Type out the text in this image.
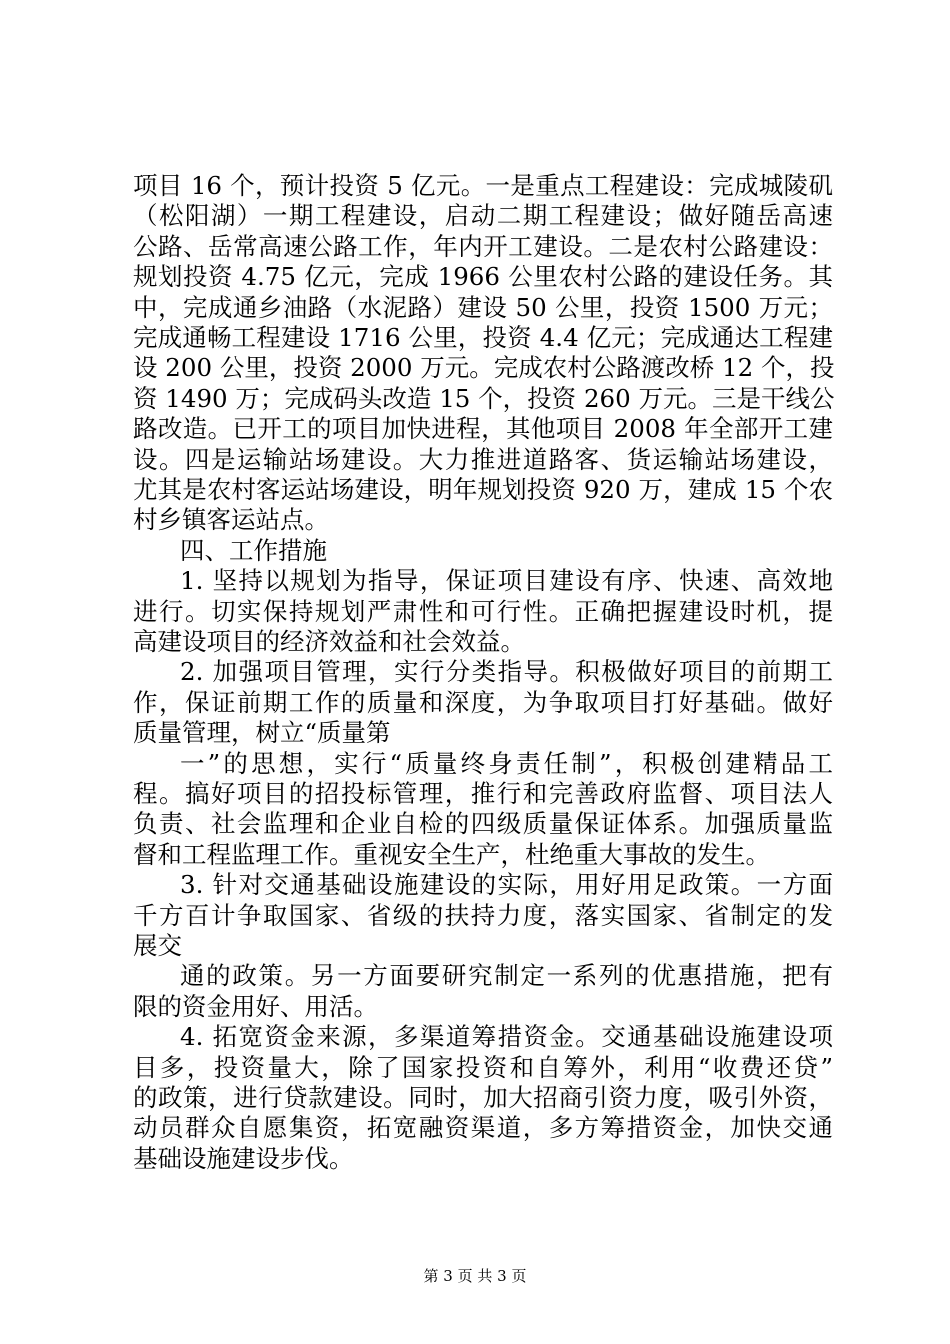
项目 16 个，预计投资 5 亿元。一是重点工程建设：完成城陵矶
（松阳湖）一期工程建设，启动二期工程建设；做好随岳高速
公路、岳常高速公路工作，年内开工建设。二是农村公路建设：
规划投资 4.75 亿元，完成 1966 公里农村公路的建设任务。其
中，完成通乡油路（水泥路）建设 50 公里，投资 1500 万元；
完成通畅工程建设 1716 公里，投资 4.4 亿元；完成通达工程建
设 200 公里，投资 2000 万元。完成农村公路渡改桥 12 个，投
资 1490 万；完成码头改造 15 个，投资 260 万元。三是干线公
路改造。已开工的项目加快进程，其他项目 2008 年全部开工建
设。四是运输站场建设。大力推进道路客、货运输站场建设，
尤其是农村客运站场建设，明年规划投资 920 万，建成 15 个农
村乡镇客运站点。
四、工作措施
1. 坚持以规划为指导，保证项目建设有序、快速、高效地
进行。切实保持规划严肃性和可行性。正确把握建设时机，提
高建设项目的经济效益和社会效益。
2. 加强项目管理，实行分类指导。积极做好项目的前期工
作，保证前期工作的质量和深度，为争取项目打好基础。做好
质量管理，树立“质量第
一”的思想，实行“质量终身责任制”，积极创建精品工
程。搞好项目的招投标管理，推行和完善政府监督、项目法人
负责、社会监理和企业自检的四级质量保证体系。加强质量监
督和工程监理工作。重视安全生产，杜绝重大事故的发生。
3. 针对交通基础设施建设的实际，用好用足政策。一方面
千方百计争取国家、省级的扶持力度，落实国家、省制定的发
展交
通的政策。另一方面要研究制定一系列的优惠措施，把有
限的资金用好、用活。
4. 拓宽资金来源，多渠道筹措资金。交通基础设施建设项
目多，投资量大，除了国家投资和自筹外，利用“收费还贷”
的政策，进行贷款建设。同时，加大招商引资力度，吸引外资，
动员群众自愿集资，拓宽融资渠道，多方筹措资金，加快交通
基础设施建设步伐。
第 3 页 共 3 页
